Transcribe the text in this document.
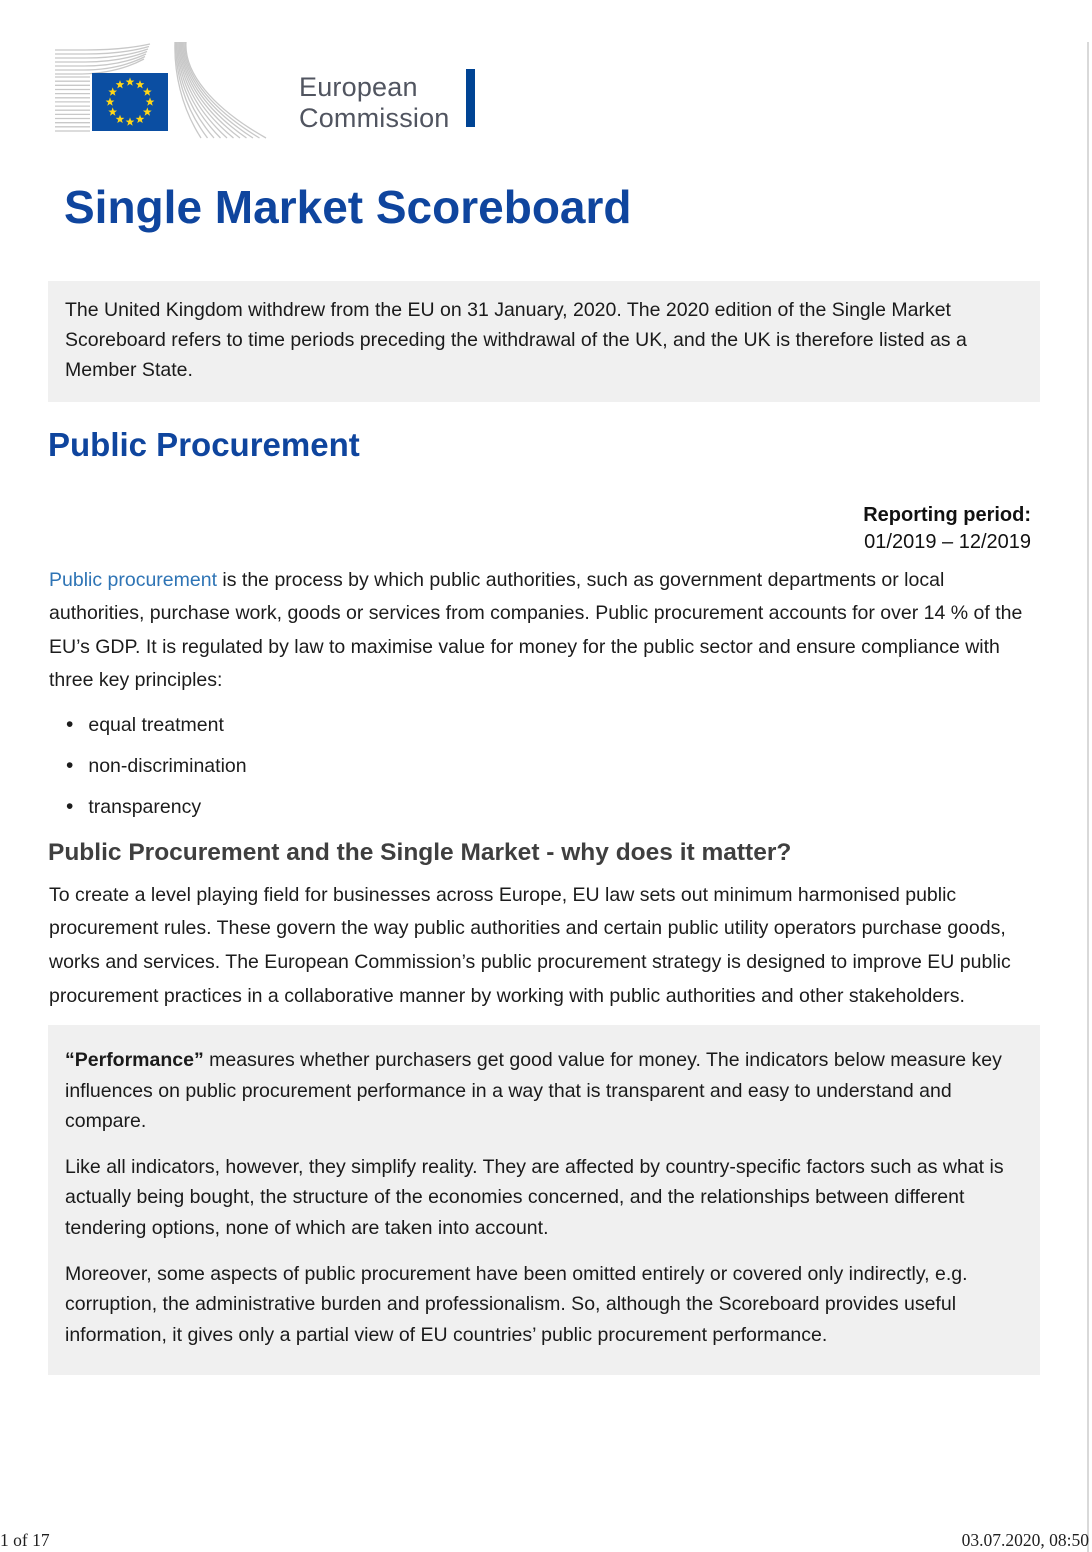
European
Commission
Single Market Scoreboard
The United Kingdom withdrew from the EU on 31 January, 2020. The 2020 edition of the Single Market Scoreboard refers to time periods preceding the withdrawal of the UK, and the UK is therefore listed as a Member State.
Public Procurement
Reporting period:
01/2019 – 12/2019

Public procurement is the process by which public authorities, such as government departments or local authorities, purchase work, goods or services from companies. Public procurement accounts for over 14 % of the EU’s GDP. It is regulated by law to maximise value for money for the public sector and ensure compliance with three key principles:

• equal treatment
• non-discrimination
• transparency
Public Procurement and the Single Market - why does it matter?

To create a level playing field for businesses across Europe, EU law sets out minimum harmonised public procurement rules. These govern the way public authorities and certain public utility operators purchase goods, works and services. The European Commission’s public procurement strategy is designed to improve EU public procurement practices in a collaborative manner by working with public authorities and other stakeholders.

“Performance” measures whether purchasers get good value for money. The indicators below measure key influences on public procurement performance in a way that is transparent and easy to understand and compare.

Like all indicators, however, they simplify reality. They are affected by country-specific factors such as what is actually being bought, the structure of the economies concerned, and the relationships between different tendering options, none of which are taken into account.

Moreover, some aspects of public procurement have been omitted entirely or covered only indirectly, e.g. corruption, the administrative burden and professionalism. So, although the Scoreboard provides useful information, it gives only a partial view of EU countries’ public procurement performance.

1 of 17	03.07.2020, 08:50
